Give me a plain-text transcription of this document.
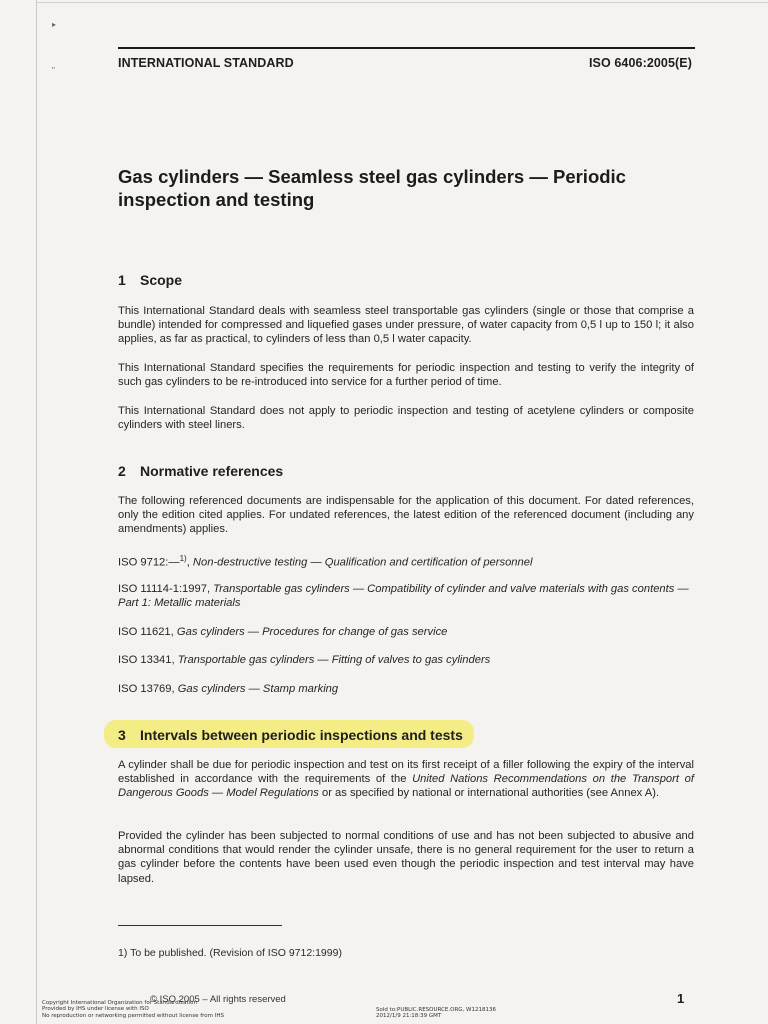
▸
"
INTERNATIONAL STANDARD	ISO 6406:2005(E)
Gas cylinders — Seamless steel gas cylinders — Periodic
inspection and testing
1 Scope
This International Standard deals with seamless steel transportable gas cylinders (single or those that comprise a bundle) intended for compressed and liquefied gases under pressure, of water capacity from 0,5 l up to 150 l; it also applies, as far as practical, to cylinders of less than 0,5 l water capacity.
This International Standard specifies the requirements for periodic inspection and testing to verify the integrity of such gas cylinders to be re-introduced into service for a further period of time.
This International Standard does not apply to periodic inspection and testing of acetylene cylinders or composite cylinders with steel liners.
2 Normative references
The following referenced documents are indispensable for the application of this document. For dated references, only the edition cited applies. For undated references, the latest edition of the referenced document (including any amendments) applies.
ISO 9712:—$^{1)}$, Non-destructive testing — Qualification and certification of personnel
ISO 11114-1:1997, Transportable gas cylinders — Compatibility of cylinder and valve materials with gas contents — Part 1: Metallic materials
ISO 11621, Gas cylinders — Procedures for change of gas service
ISO 13341, Transportable gas cylinders — Fitting of valves to gas cylinders
ISO 13769, Gas cylinders — Stamp marking
3 Intervals between periodic inspections and tests
A cylinder shall be due for periodic inspection and test on its first receipt of a filler following the expiry of the interval established in accordance with the requirements of the United Nations Recommendations on the Transport of Dangerous Goods — Model Regulations or as specified by national or international authorities (see Annex A).
Provided the cylinder has been subjected to normal conditions of use and has not been subjected to abusive and abnormal conditions that would render the cylinder unsafe, there is no general requirement for the user to return a gas cylinder before the contents have been used even though the periodic inspection and test interval may have lapsed.
1) To be published. (Revision of ISO 9712:1999)
© ISO 2005 – All rights reserved	1
Copyright International Organization for Standardization
Provided by IHS under license with ISO
No reproduction or networking permitted without license from IHS
Sold to:PUBLIC.RESOURCE.ORG, W1218136
2012/1/9 21:18:39 GMT
